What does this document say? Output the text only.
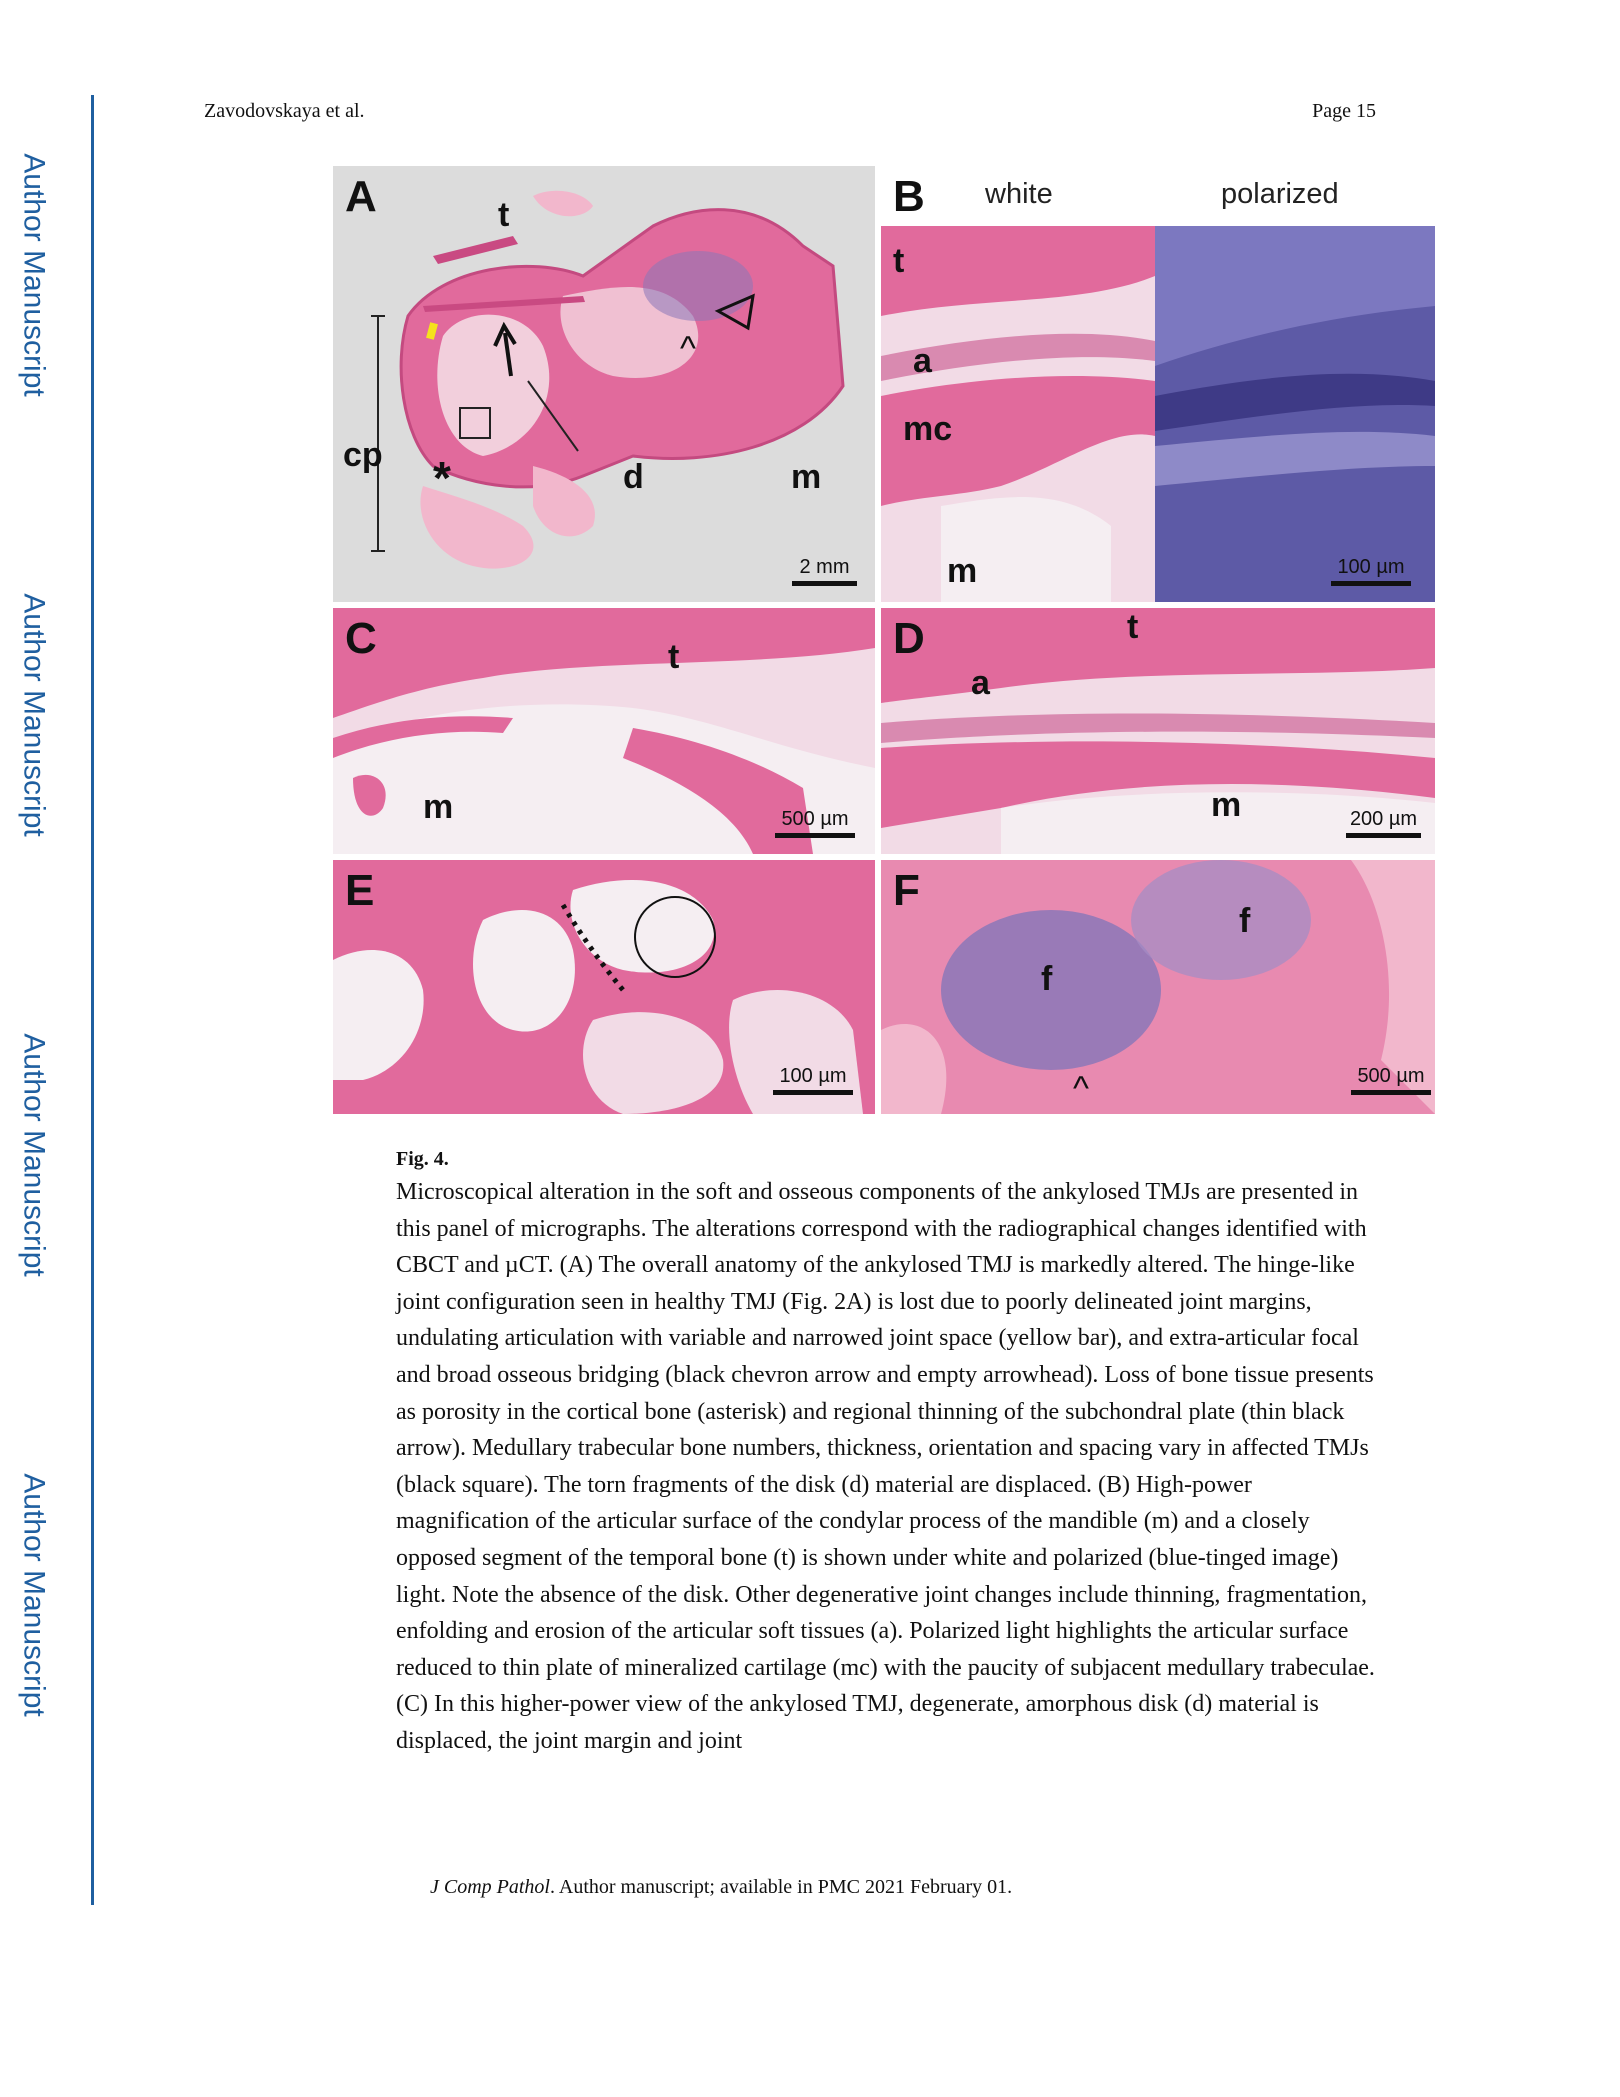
Author Manuscript
Author Manuscript
Author Manuscript
Author Manuscript
Zavodovskaya et al.	Page 15
A	t
cp *	d	m
^
2 mm
B white	polarized
t
a
mc
m	100 µm
C	t
m	500 µm
D	t
a
m	200 µm
E
100 µm
F
f
f
^	500 µm
Fig. 4.
Microscopical alteration in the soft and osseous components of the ankylosed TMJs are presented in this panel of micrographs. The alterations correspond with the radiographical changes identified with CBCT and µCT. (A) The overall anatomy of the ankylosed TMJ is markedly altered. The hinge-like joint configuration seen in healthy TMJ (Fig. 2A) is lost due to poorly delineated joint margins, undulating articulation with variable and narrowed joint space (yellow bar), and extra-articular focal and broad osseous bridging (black chevron arrow and empty arrowhead). Loss of bone tissue presents as porosity in the cortical bone (asterisk) and regional thinning of the subchondral plate (thin black arrow). Medullary trabecular bone numbers, thickness, orientation and spacing vary in affected TMJs (black square). The torn fragments of the disk (d) material are displaced. (B) High-power magnification of the articular surface of the condylar process of the mandible (m) and a closely opposed segment of the temporal bone (t) is shown under white and polarized (blue-tinged image) light. Note the absence of the disk. Other degenerative joint changes include thinning, fragmentation, enfolding and erosion of the articular soft tissues (a). Polarized light highlights the articular surface reduced to thin plate of mineralized cartilage (mc) with the paucity of subjacent medullary trabeculae. (C) In this higher-power view of the ankylosed TMJ, degenerate, amorphous disk (d) material is displaced, the joint margin and joint
J Comp Pathol. Author manuscript; available in PMC 2021 February 01.
